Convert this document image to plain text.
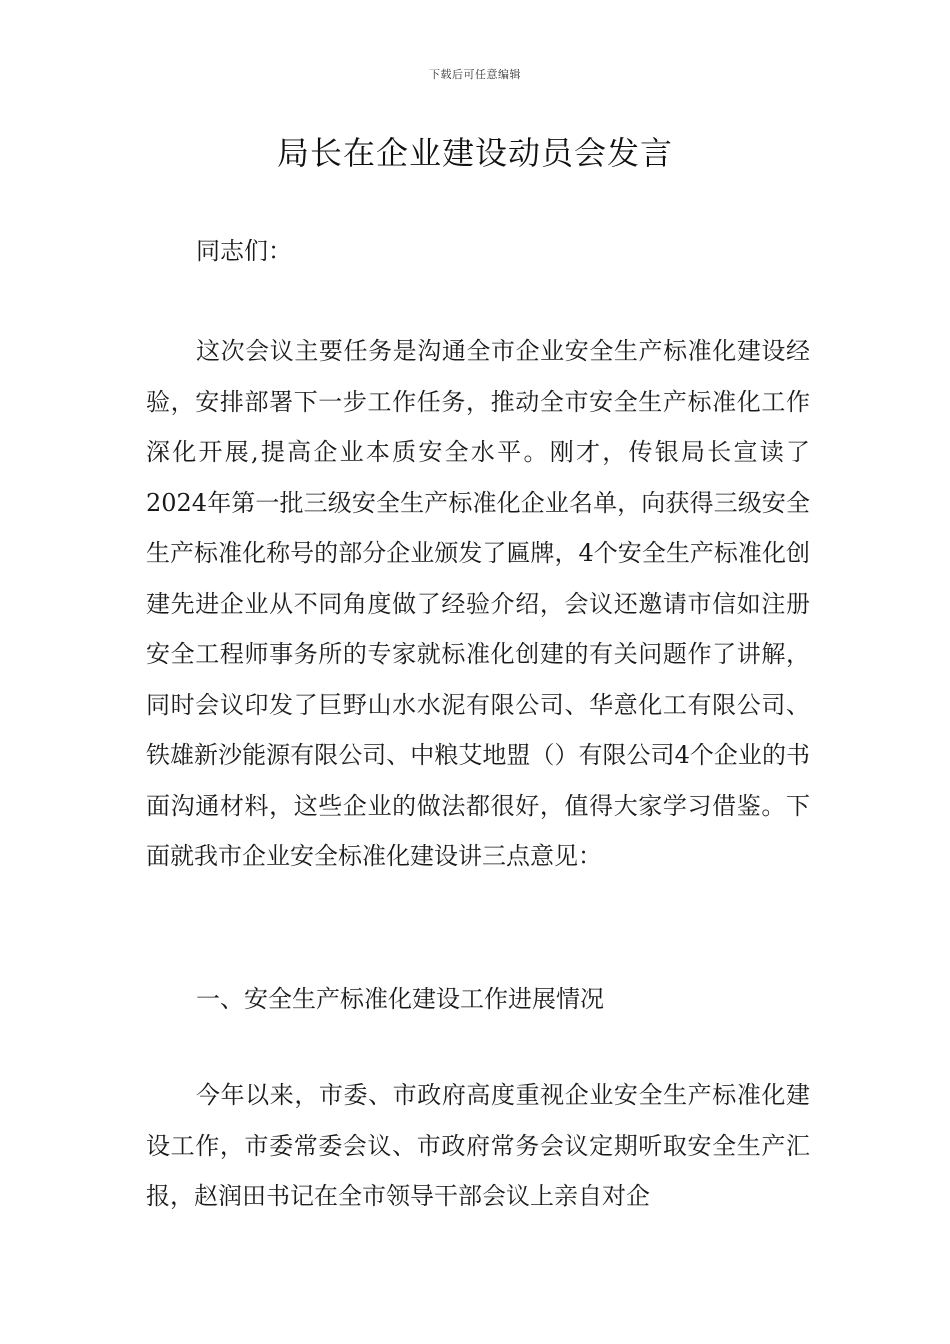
下载后可任意编辑
局长在企业建设动员会发言

同志们：

这次会议主要任务是沟通全市企业安全生产标准化建设经验，安排部署下一步工作任务，推动全市安全生产标准化工作深化开展,提高企业本质安全水平。刚才，传银局长宣读了2024年第一批三级安全生产标准化企业名单，向获得三级安全生产标准化称号的部分企业颁发了匾牌，4个安全生产标准化创建先进企业从不同角度做了经验介绍，会议还邀请市信如注册安全工程师事务所的专家就标准化创建的有关问题作了讲解，同时会议印发了巨野山水水泥有限公司、华意化工有限公司、铁雄新沙能源有限公司、中粮艾地盟（）有限公司4个企业的书面沟通材料，这些企业的做法都很好，值得大家学习借鉴。下面就我市企业安全标准化建设讲三点意见：

一、安全生产标准化建设工作进展情况

今年以来，市委、市政府高度重视企业安全生产标准化建设工作，市委常委会议、市政府常务会议定期听取安全生产汇报，赵润田书记在全市领导干部会议上亲自对企
